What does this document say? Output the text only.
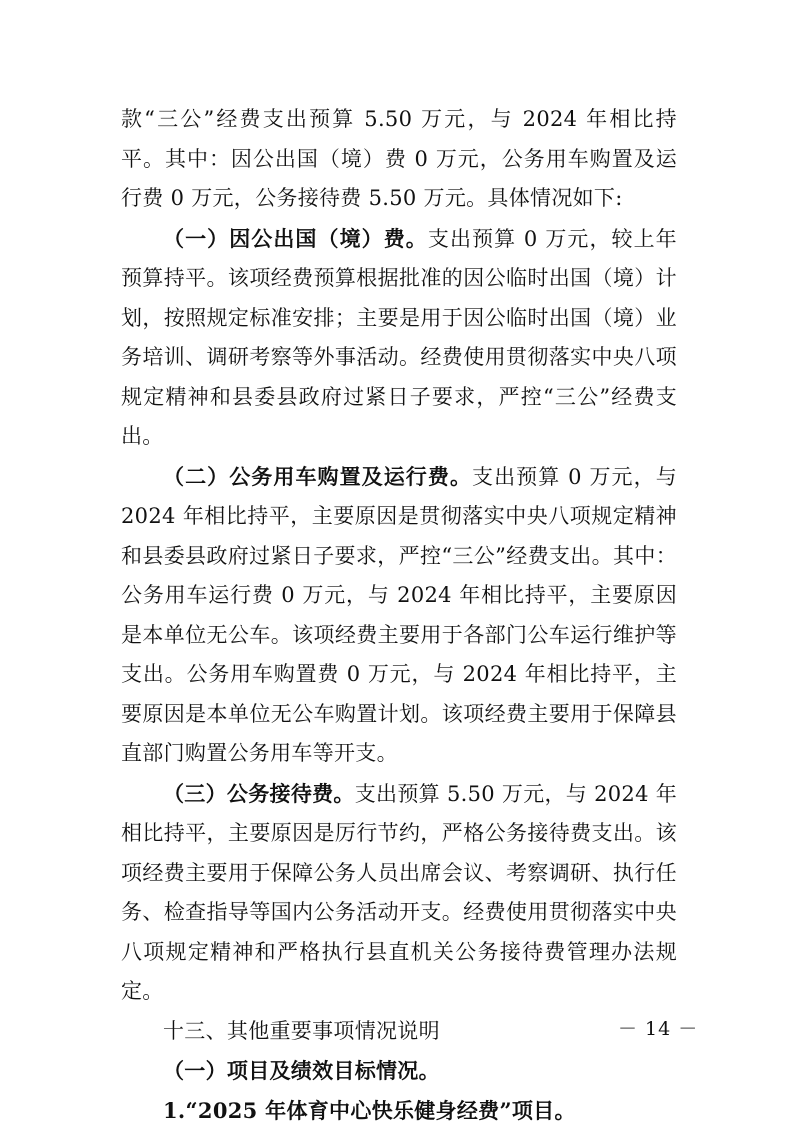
款“三公”经费支出预算 5.50 万元，与 2024 年相比持平。其中：因公出国（境）费 0 万元，公务用车购置及运行费 0 万元，公务接待费 5.50 万元。具体情况如下:

（一）因公出国（境）费。支出预算 0 万元，较上年预算持平。该项经费预算根据批准的因公临时出国（境）计划，按照规定标准安排；主要是用于因公临时出国（境）业务培训、调研考察等外事活动。经费使用贯彻落实中央八项规定精神和县委县政府过紧日子要求，严控“三公”经费支出。

（二）公务用车购置及运行费。支出预算 0 万元，与 2024 年相比持平，主要原因是贯彻落实中央八项规定精神和县委县政府过紧日子要求，严控“三公”经费支出。其中：公务用车运行费 0 万元，与 2024 年相比持平，主要原因是本单位无公车。该项经费主要用于各部门公车运行维护等支出。公务用车购置费 0 万元，与 2024 年相比持平，主要原因是本单位无公车购置计划。该项经费主要用于保障县直部门购置公务用车等开支。

（三）公务接待费。支出预算 5.50 万元，与 2024 年相比持平，主要原因是厉行节约，严格公务接待费支出。该项经费主要用于保障公务人员出席会议、考察调研、执行任务、检查指导等国内公务活动开支。经费使用贯彻落实中央八项规定精神和严格执行县直机关公务接待费管理办法规定。

十三、其他重要事项情况说明

（一）项目及绩效目标情况。

1.“2025 年体育中心快乐健身经费”项目。

－ 14 －
